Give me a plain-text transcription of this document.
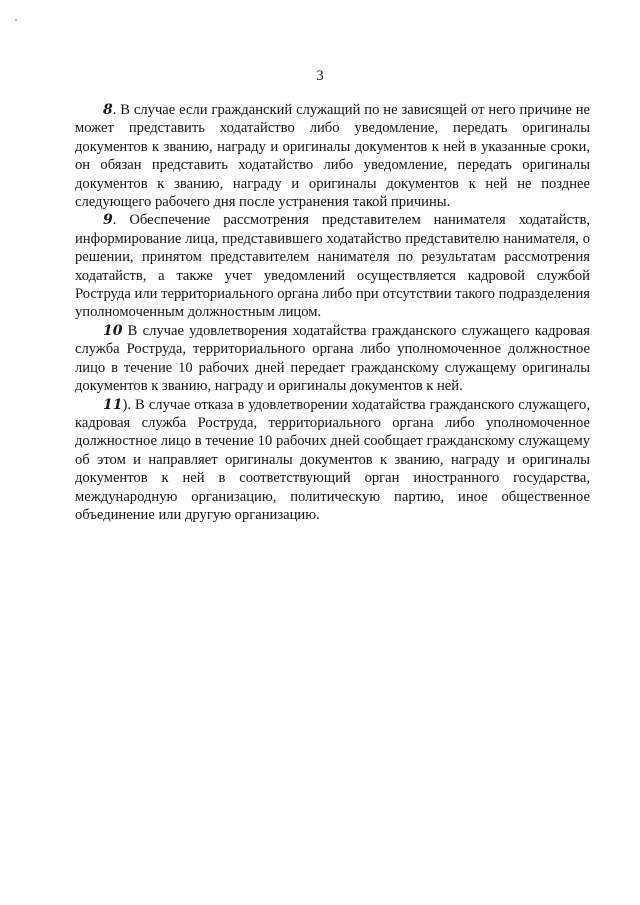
3

8. В случае если гражданский служащий по не зависящей от него причине не может представить ходатайство либо уведомление, передать оригиналы документов к званию, награду и оригиналы документов к ней в указанные сроки, он обязан представить ходатайство либо уведомление, передать оригиналы документов к званию, награду и оригиналы документов к ней не позднее следующего рабочего дня после устранения такой причины.

9. Обеспечение рассмотрения представителем нанимателя ходатайств, информирование лица, представившего ходатайство представителю нанимателя, о решении, принятом представителем нанимателя по результатам рассмотрения ходатайств, а также учет уведомлений осуществляется кадровой службой Роструда или территориального органа либо при отсутствии такого подразделения уполномоченным должностным лицом.

10 В случае удовлетворения ходатайства гражданского служащего кадровая служба Роструда, территориального органа либо уполномоченное должностное лицо в течение 10 рабочих дней передает гражданскому служащему оригиналы документов к званию, награду и оригиналы документов к ней.

11). В случае отказа в удовлетворении ходатайства гражданского служащего, кадровая служба Роструда, территориального органа либо уполномоченное должностное лицо в течение 10 рабочих дней сообщает гражданскому служащему об этом и направляет оригиналы документов к званию, награду и оригиналы документов к ней в соответствующий орган иностранного государства, международную организацию, политическую партию, иное общественное объединение или другую организацию.
